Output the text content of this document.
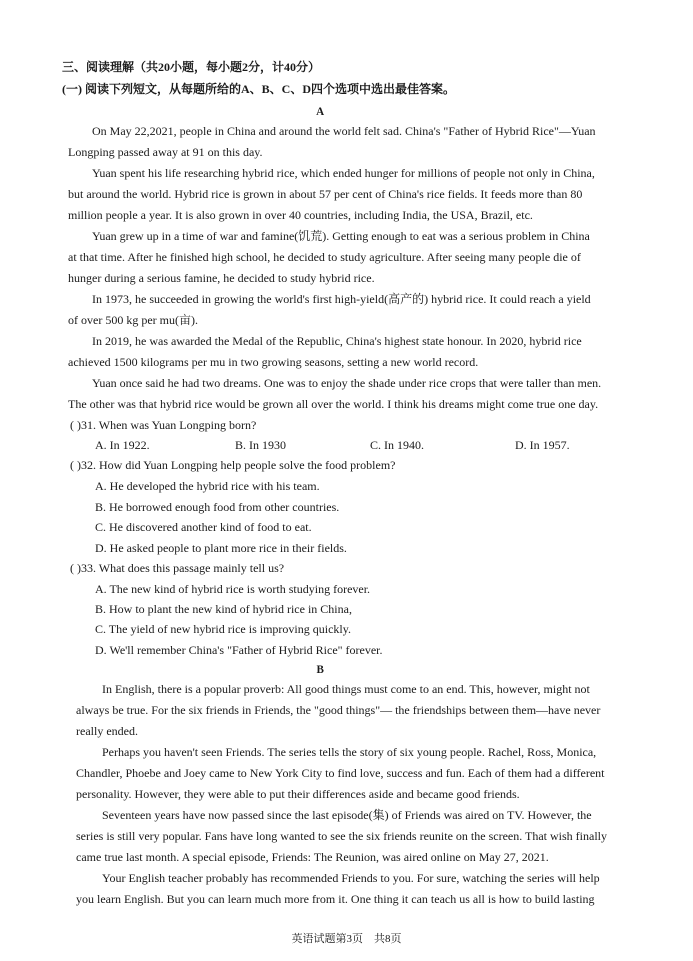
三、阅读理解（共20小题，每小题2分，计40分）
(一) 阅读下列短文，从每题所给的A、B、C、D四个选项中选出最佳答案。
A
On May 22,2021, people in China and around the world felt sad. China's "Father of Hybrid Rice"—Yuan
Longping passed away at 91 on this day.
Yuan spent his life researching hybrid rice, which ended hunger for millions of people not only in China,
but around the world. Hybrid rice is grown in about 57 per cent of China's rice fields. It feeds more than 80
million people a year. It is also grown in over 40 countries, including India, the USA, Brazil, etc.
Yuan grew up in a time of war and famine(饥荒). Getting enough to eat was a serious problem in China
at that time. After he finished high school, he decided to study agriculture. After seeing many people die of
hunger during a serious famine, he decided to study hybrid rice.
In 1973, he succeeded in growing the world's first high-yield(高产的) hybrid rice. It could reach a yield
of over 500 kg per mu(亩).
In 2019, he was awarded the Medal of the Republic, China's highest state honour. In 2020, hybrid rice
achieved 1500 kilograms per mu in two growing seasons, setting a new world record.
Yuan once said he had two dreams. One was to enjoy the shade under rice crops that were taller than men.
The other was that hybrid rice would be grown all over the world. I think his dreams might come true one day.
( )31. When was Yuan Longping born?
A. In 1922.	B. In 1930	C. In 1940.	D. In 1957.
( )32. How did Yuan Longping help people solve the food problem?
A. He developed the hybrid rice with his team.
B. He borrowed enough food from other countries.
C. He discovered another kind of food to eat.
D. He asked people to plant more rice in their fields.
( )33. What does this passage mainly tell us?
A. The new kind of hybrid rice is worth studying forever.
B. How to plant the new kind of hybrid rice in China,
C. The yield of new hybrid rice is improving quickly.
D. We'll remember China's "Father of Hybrid Rice" forever.
B
In English, there is a popular proverb: All good things must come to an end. This, however, might not
always be true. For the six friends in Friends, the "good things"— the friendships between them—have never
really ended.
Perhaps you haven't seen Friends. The series tells the story of six young people. Rachel, Ross, Monica,
Chandler, Phoebe and Joey came to New York City to find love, success and fun. Each of them had a different
personality. However, they were able to put their differences aside and became good friends.
Seventeen years have now passed since the last episode(集) of Friends was aired on TV. However, the
series is still very popular. Fans have long wanted to see the six friends reunite on the screen. That wish finally
came true last month. A special episode, Friends: The Reunion, was aired online on May 27, 2021.
Your English teacher probably has recommended Friends to you. For sure, watching the series will help
you learn English. But you can learn much more from it. One thing it can teach us all is how to build lasting
英语试题第3页　共8页
